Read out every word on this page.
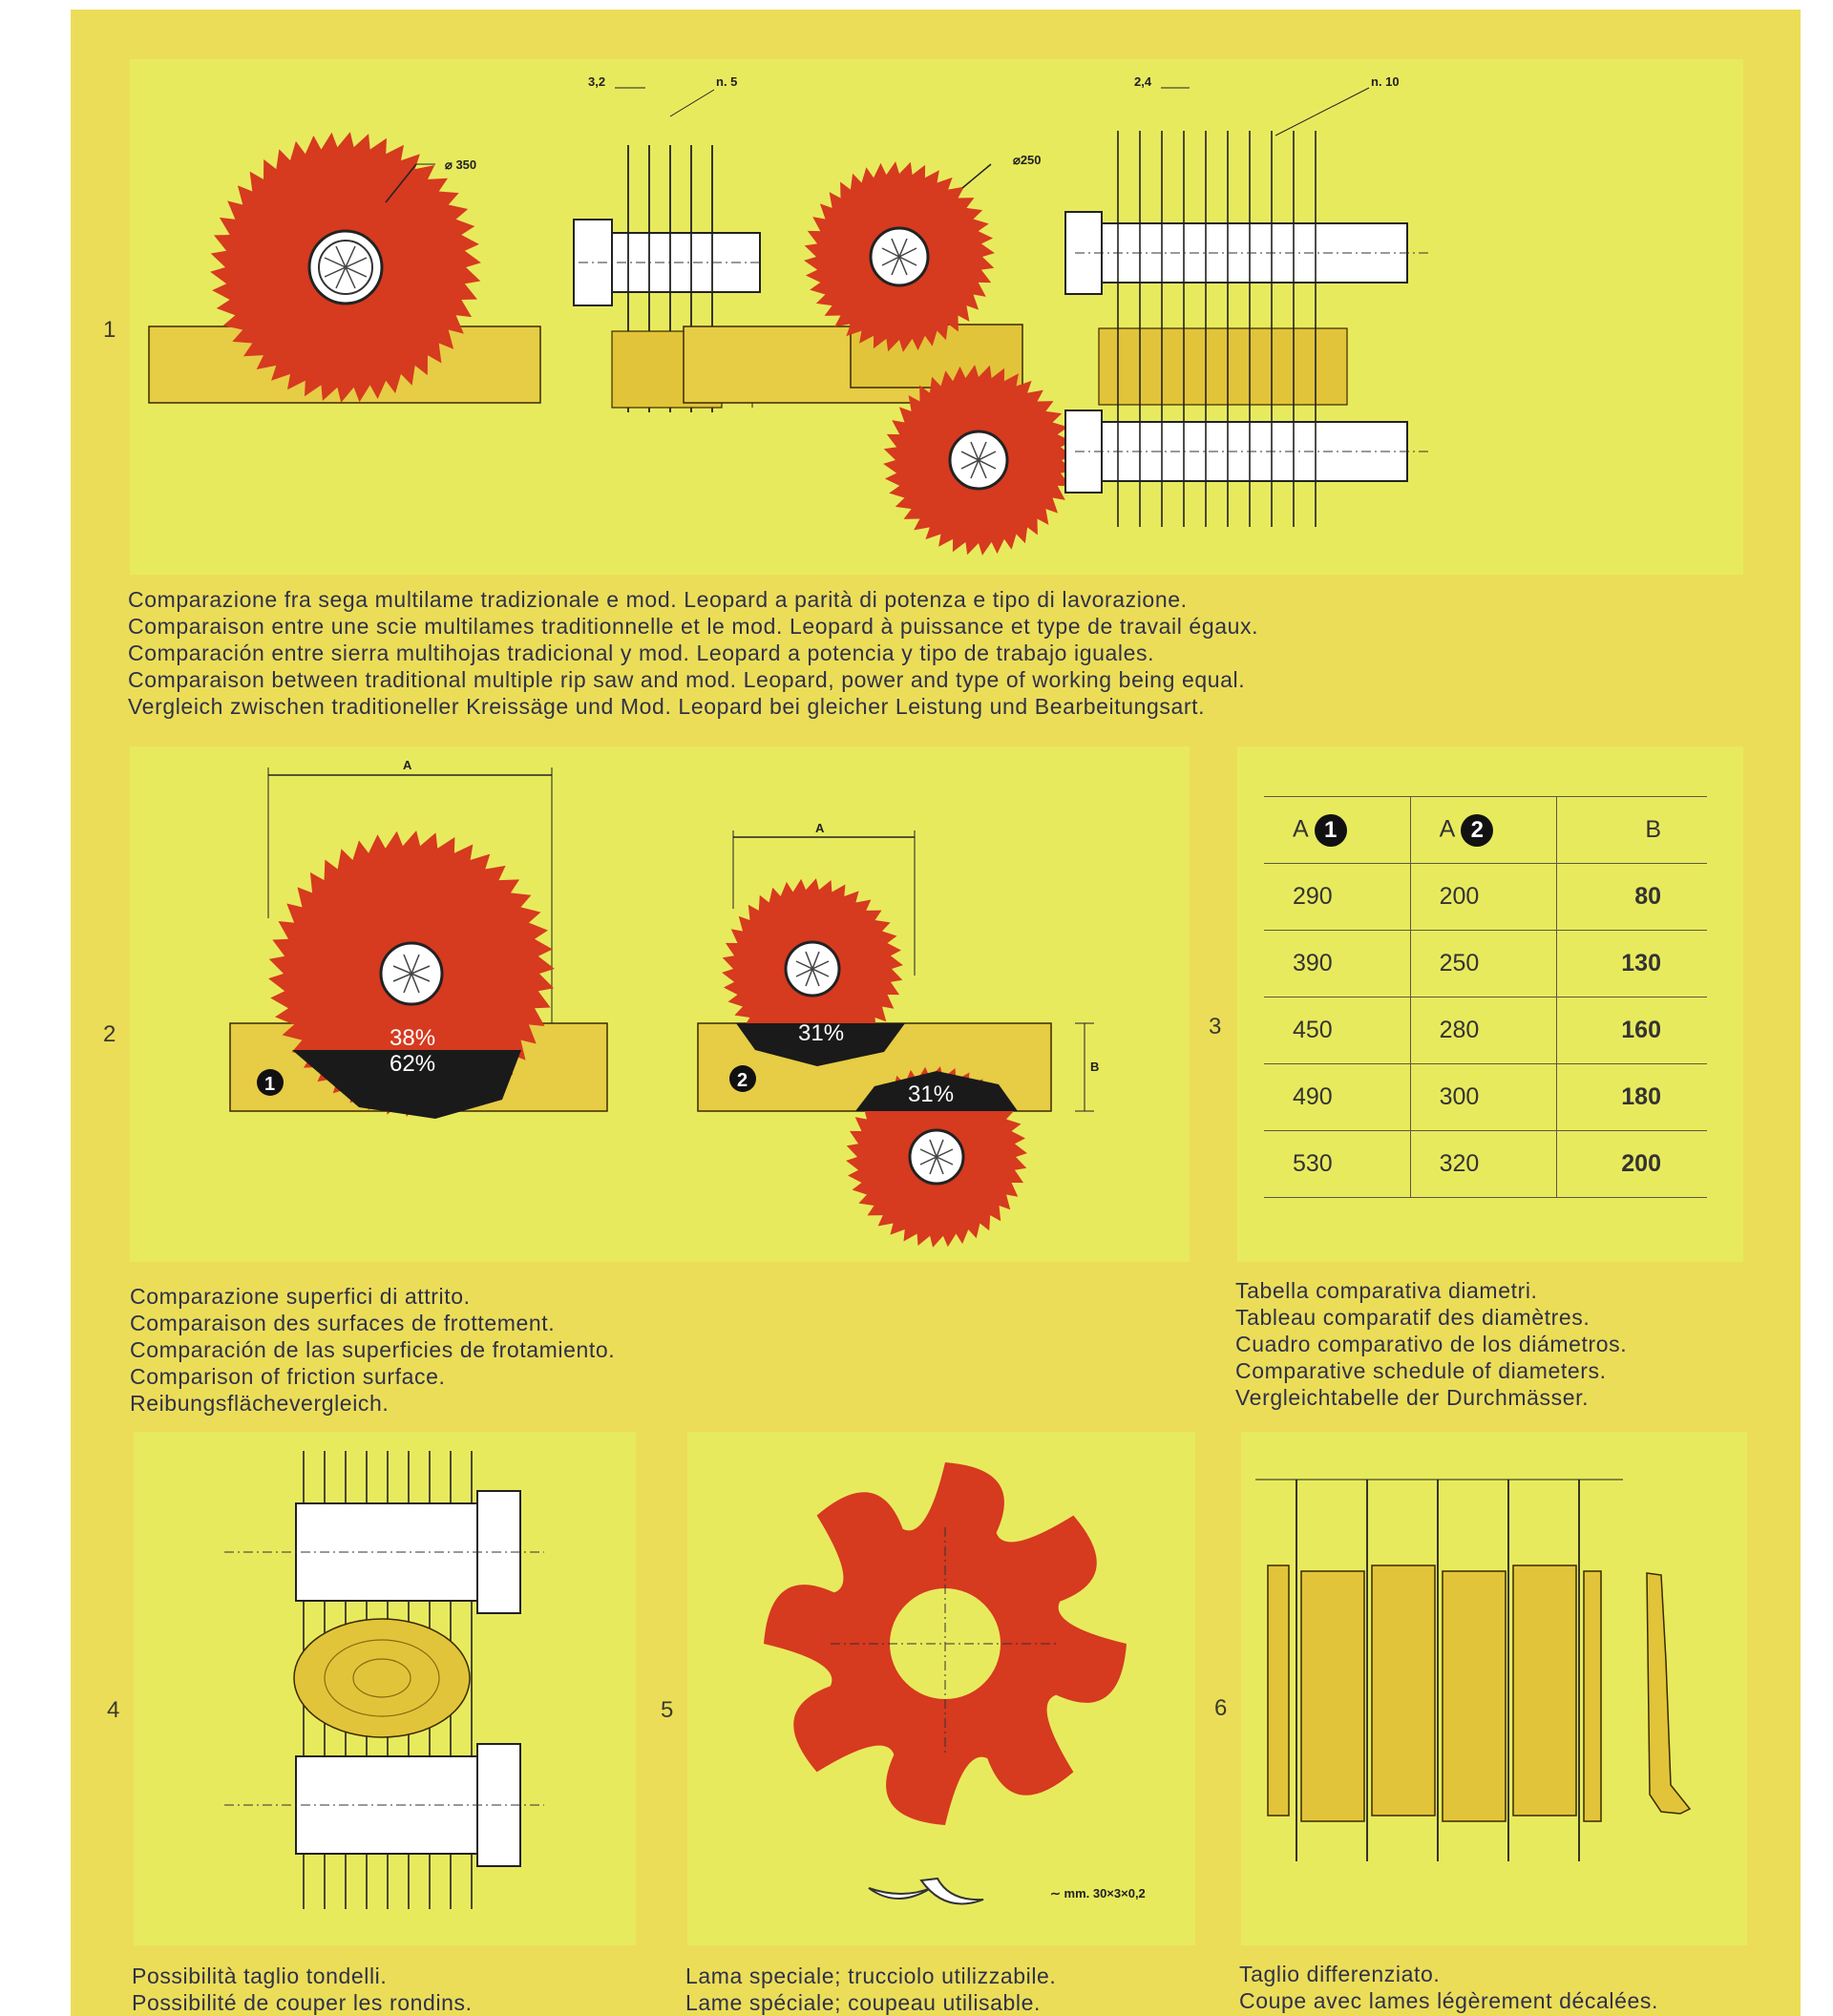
⌀ 350
3,2	n. 5
⌀250
2,4	n. 10
1
Comparazione fra sega multilame tradizionale e mod. Leopard a parità di potenza e tipo di lavorazione.
Comparaison entre une scie multilames traditionnelle et le mod. Leopard à puissance et type de travail égaux.
Comparación entre sierra multihojas tradicional y mod. Leopard a potencia y tipo de trabajo iguales.
Comparaison between traditional multiple rip saw and mod. Leopard, power and type of working being equal.
Vergleich zwischen traditioneller Kreissäge und Mod. Leopard bei gleicher Leistung und Bearbeitungsart.
A
38%
62%
1
A
31%
31%
2
B
2
Comparazione superfici di attrito.
Comparaison des surfaces de frottement.
Comparación de las superficies de frotamiento.
Comparison of friction surface.
Reibungsflächevergleich.
A 1	A 2	B
290	200	80
390	250	130
450	280	160
490	300	180
530	320	200
3
Tabella comparativa diametri.
Tableau comparatif des diamètres.
Cuadro comparativo de los diámetros.
Comparative schedule of diameters.
Vergleichtabelle der Durchmässer.
4
Possibilità taglio tondelli.
Possibilité de couper les rondins.
∼ mm. 30×3×0,2
5
Lama speciale; trucciolo utilizzabile.
Lame spéciale; coupeau utilisable.
6
Taglio differenziato.
Coupe avec lames légèrement décalées.
